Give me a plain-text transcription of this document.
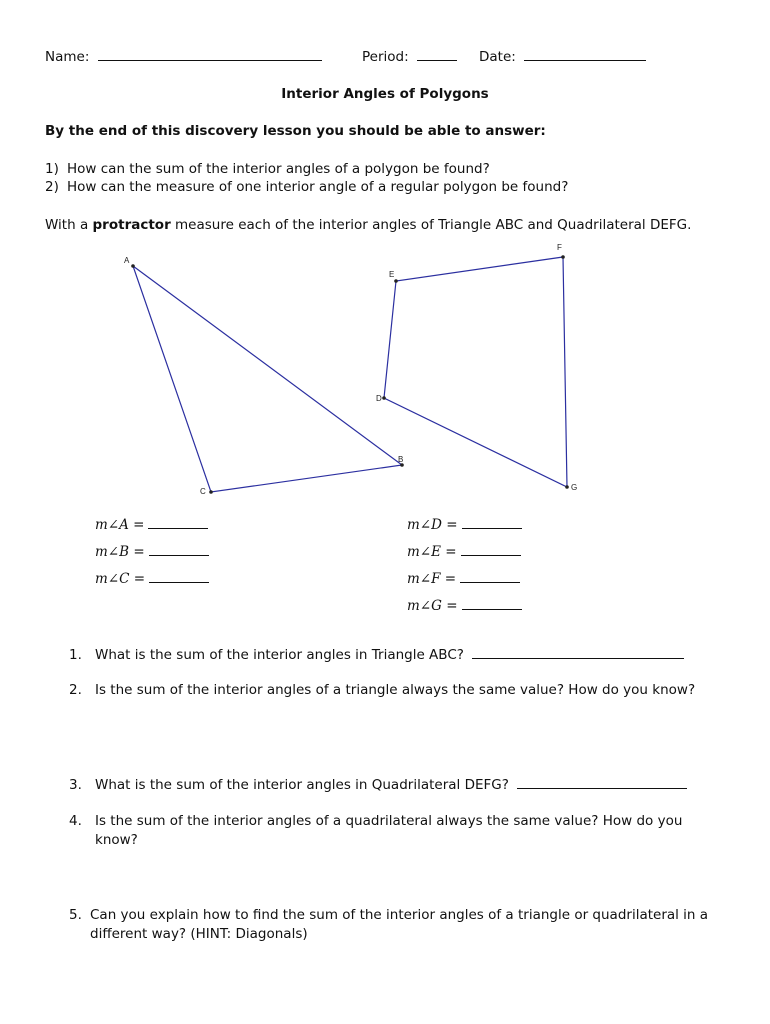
Name:	Period:	Date:
Interior Angles of Polygons
By the end of this discovery lesson you should be able to answer:
1) How can the sum of the interior angles of a polygon be found?
2) How can the measure of one interior angle of a regular polygon be found?
With a protractor measure each of the interior angles of Triangle ABC and Quadrilateral DEFG.
A
B
C
D
E
F
G
m∠A =
m∠B =
m∠C =
m∠D =
m∠E =
m∠F =
m∠G =
1. What is the sum of the interior angles in Triangle ABC?
2. Is the sum of the interior angles of a triangle always the same value? How do you know?
3. What is the sum of the interior angles in Quadrilateral DEFG?
4. Is the sum of the interior angles of a quadrilateral always the same value? How do you
know?
5. Can you explain how to find the sum of the interior angles of a triangle or quadrilateral in a
different way? (HINT: Diagonals)
